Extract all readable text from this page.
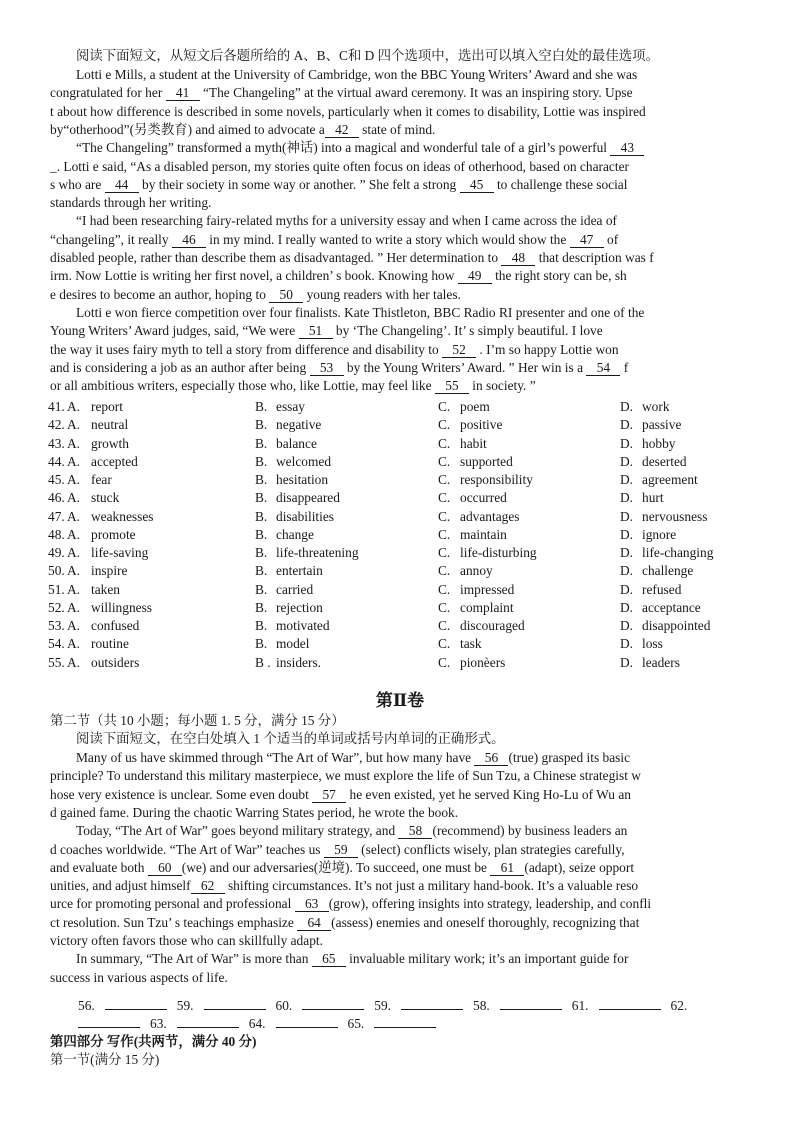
阅读下面短文，从短文后各题所给的 A、B、C和 D 四个选项中，选出可以填入空白处的最佳选项。
Lotti e Mills, a student at the University of Cambridge, won the BBC Young Writers’ Award and she was
congratulated for her 41 “The Changeling” at the virtual award ceremony. It was an inspiring story. Upse
t about how difference is described in some novels, particularly when it comes to disability, Lottie was inspired
by“otherhood”(另类教育) and aimed to advocate a 42 state of mind.
“The Changeling” transformed a myth(神话) into a magical and wonderful tale of a girl’s powerful 43
_. Lotti e said, “As a disabled person, my stories quite often focus on ideas of otherhood, based on character
s who are 44 by their society in some way or another. ” She felt a strong 45 to challenge these social
standards through her writing.
“I had been researching fairy-related myths for a university essay and when I came across the idea of
“changeling”, it really 46 in my mind. I really wanted to write a story which would show the 47 of
disabled people, rather than describe them as disadvantaged. ” Her determination to 48 that description was f
irm. Now Lottie is writing her first novel, a children’ s book. Knowing how 49 the right story can be, sh
e desires to become an author, hoping to 50 young readers with her tales.
Lotti e won fierce competition over four finalists. Kate Thistleton, BBC Radio RI presenter and one of the
Young Writers’ Award judges, said, “We were 51 by ‘The Changeling’. It’ s simply beautiful. I love
the way it uses fairy myth to tell a story from difference and disability to 52 . I’m so happy Lottie won
and is considering a job as an author after being 53 by the Young Writers’ Award. ” Her win is a 54 f
or all ambitious writers, especially those who, like Lottie, may feel like 55 in society. ”
41. A. report	B. essay	C. poem	D. work
42. A. neutral	B. negative	C. positive	D. passive
43. A. growth	B. balance	C. habit	D. hobby
44. A. accepted	B. welcomed	C. supported	D. deserted
45. A. fear	B. hesitation	C. responsibility	D. agreement
46. A. stuck	B. disappeared	C. occurred	D. hurt
47. A. weaknesses	B. disabilities	C. advantages	D. nervousness
48. A. promote	B. change	C. maintain	D. ignore
49. A. life-saving	B. life-threatening	C. life-disturbing	D. life-changing
50. A. inspire	B. entertain	C. annoy	D. challenge
51. A. taken	B. carried	C. impressed	D. refused
52. A. willingness	B. rejection	C. complaint	D. acceptance
53. A. confused	B. motivated	C. discouraged	D. disappointed
54. A. routine	B. model	C. task	D. loss
55. A. outsiders	B . insiders.	C. pionèers	D. leaders
第Ⅱ卷
第二节（共 10 小题；每小题 1. 5 分，满分 15 分）
阅读下面短文，在空白处填入 1 个适当的单词或括号内单词的正确形式。
Many of us have skimmed through “The Art of War”, but how many have 56 (true) grasped its basic
principle? To understand this military masterpiece, we must explore the life of Sun Tzu, a Chinese strategist w
hose very existence is unclear. Some even doubt 57 he even existed, yet he served King Ho-Lu of Wu an
d gained fame. During the chaotic Warring States period, he wrote the book.
Today, “The Art of War” goes beyond military strategy, and 58 (recommend) by business leaders an
d coaches worldwide. “The Art of War” teaches us 59 (select) conflicts wisely, plan strategies carefully,
and evaluate both 60 (we) and our adversaries(逆境). To succeed, one must be 61 (adapt), seize opport
unities, and adjust himself 62 shifting circumstances. It’s not just a military hand-book. It’s a valuable reso
urce for promoting personal and professional 63 (grow), offering insights into strategy, leadership, and confli
ct resolution. Sun Tzu’ s teachings emphasize 64 (assess) enemies and oneself thoroughly, recognizing that
victory often favors those who can skillfully adapt.
In summary, “The Art of War” is more than 65 invaluable military work; it’s an important guide for
success in various aspects of life.
56.	59.	60.	59.	58.	61.	62.
63.	64.	65.
第四部分 写作(共两节，满分 40 分)
第一节(满分 15 分)
